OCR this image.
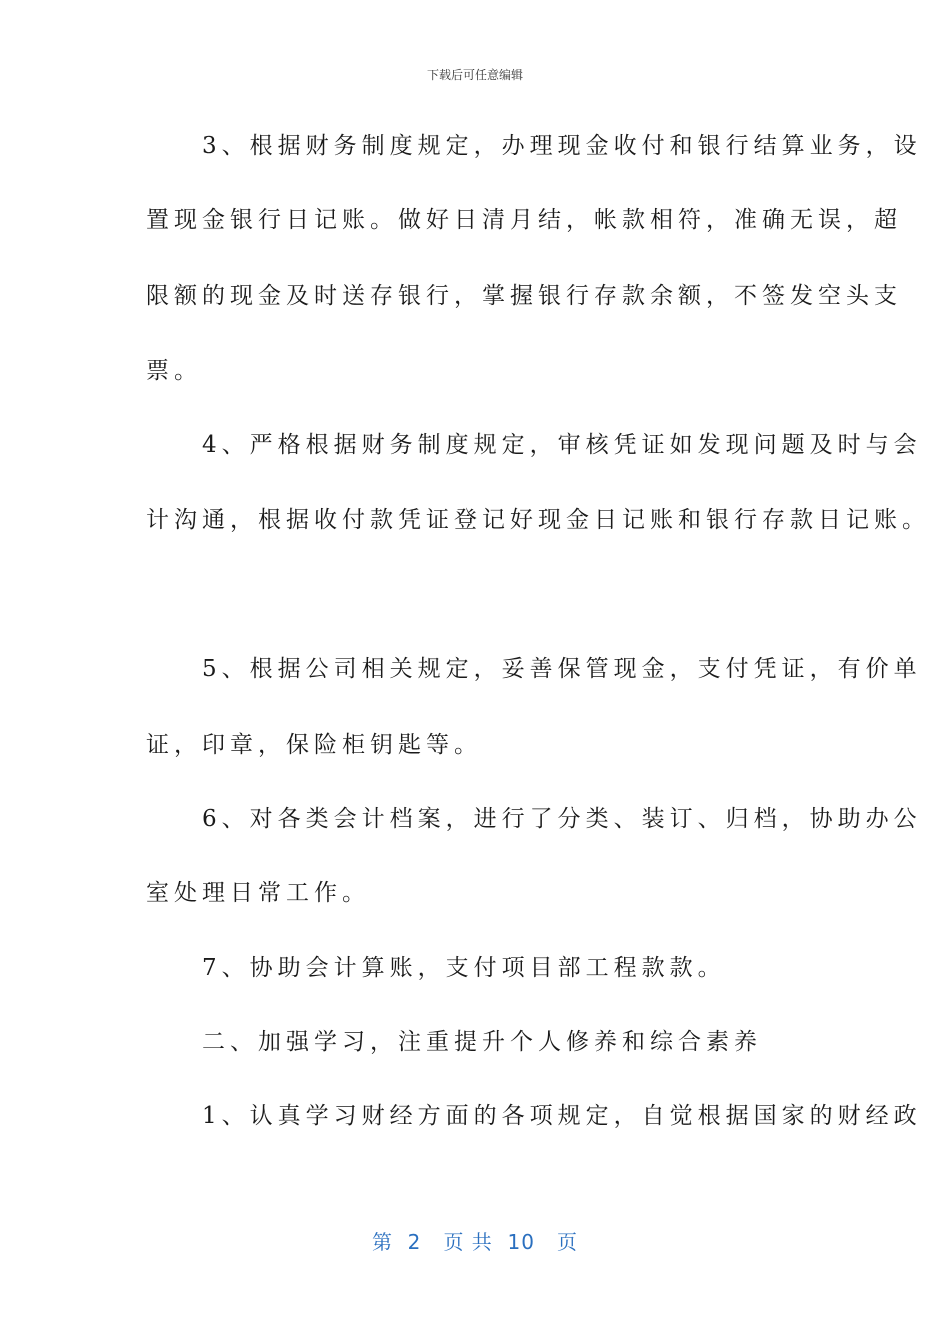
下载后可任意编辑
　　3、根据财务制度规定，办理现金收付和银行结算业务，设
置现金银行日记账。做好日清月结，帐款相符，准确无误，超
限额的现金及时送存银行，掌握银行存款余额，不签发空头支
票。
　　4、严格根据财务制度规定，审核凭证如发现问题及时与会
计沟通，根据收付款凭证登记好现金日记账和银行存款日记账。
　　5、根据公司相关规定，妥善保管现金，支付凭证，有价单
证，印章，保险柜钥匙等。
　　6、对各类会计档案，进行了分类、装订、归档，协助办公
室处理日常工作。
　　7、协助会计算账，支付项目部工程款款。
　　二、加强学习，注重提升个人修养和综合素养
　　1、认真学习财经方面的各项规定，自觉根据国家的财经政
第  2   页 共  10   页
